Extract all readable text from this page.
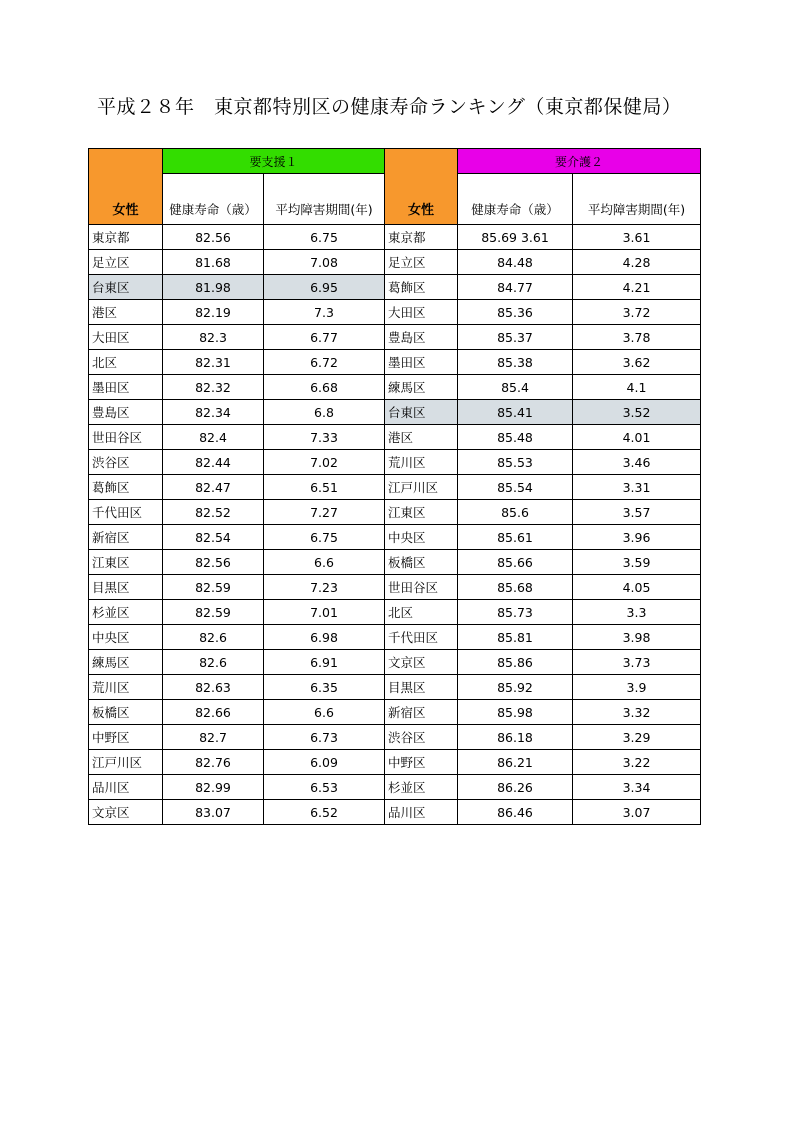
平成２８年　東京都特別区の健康寿命ランキング（東京都保健局）
女性	要支援１		女性	要介護２	
	健康寿命（歳）	平均障害期間(年)		健康寿命（歳）	平均障害期間(年)
東京都	82.56	6.75	東京都	85.69 3.61	3.61
足立区	81.68	7.08	足立区	84.48	4.28
台東区	81.98	6.95	葛飾区	84.77	4.21
港区	82.19	7.3	大田区	85.36	3.72
大田区	82.3	6.77	豊島区	85.37	3.78
北区	82.31	6.72	墨田区	85.38	3.62
墨田区	82.32	6.68	練馬区	85.4	4.1
豊島区	82.34	6.8	台東区	85.41	3.52
世田谷区	82.4	7.33	港区	85.48	4.01
渋谷区	82.44	7.02	荒川区	85.53	3.46
葛飾区	82.47	6.51	江戸川区	85.54	3.31
千代田区	82.52	7.27	江東区	85.6	3.57
新宿区	82.54	6.75	中央区	85.61	3.96
江東区	82.56	6.6	板橋区	85.66	3.59
目黒区	82.59	7.23	世田谷区	85.68	4.05
杉並区	82.59	7.01	北区	85.73	3.3
中央区	82.6	6.98	千代田区	85.81	3.98
練馬区	82.6	6.91	文京区	85.86	3.73
荒川区	82.63	6.35	目黒区	85.92	3.9
板橋区	82.66	6.6	新宿区	85.98	3.32
中野区	82.7	6.73	渋谷区	86.18	3.29
江戸川区	82.76	6.09	中野区	86.21	3.22
品川区	82.99	6.53	杉並区	86.26	3.34
文京区	83.07	6.52	品川区	86.46	3.07
